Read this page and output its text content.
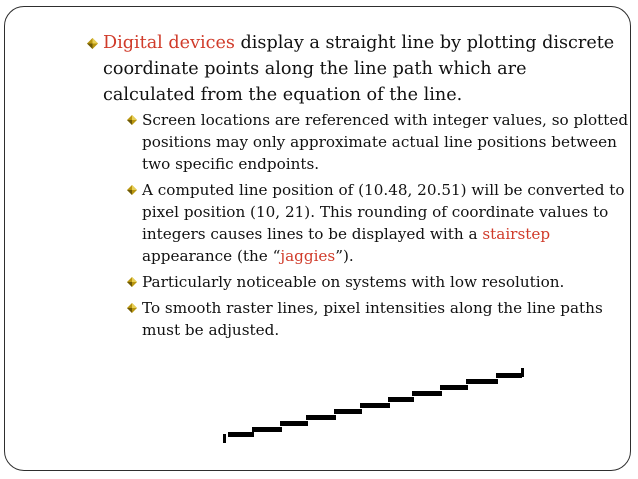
Digital devices display a straight line by plotting discrete coordinate points along the line path which are calculated from the equation of the line.
Screen locations are referenced with integer values, so plotted positions may only approximate actual line positions between two specific endpoints.
A computed line position of (10.48, 20.51) will be converted to pixel position (10, 21). This rounding of coordinate values to integers causes lines to be displayed with a stairstep appearance (the “jaggies”).
Particularly noticeable on systems with low resolution.
To smooth raster lines, pixel intensities along the line paths must be adjusted.
